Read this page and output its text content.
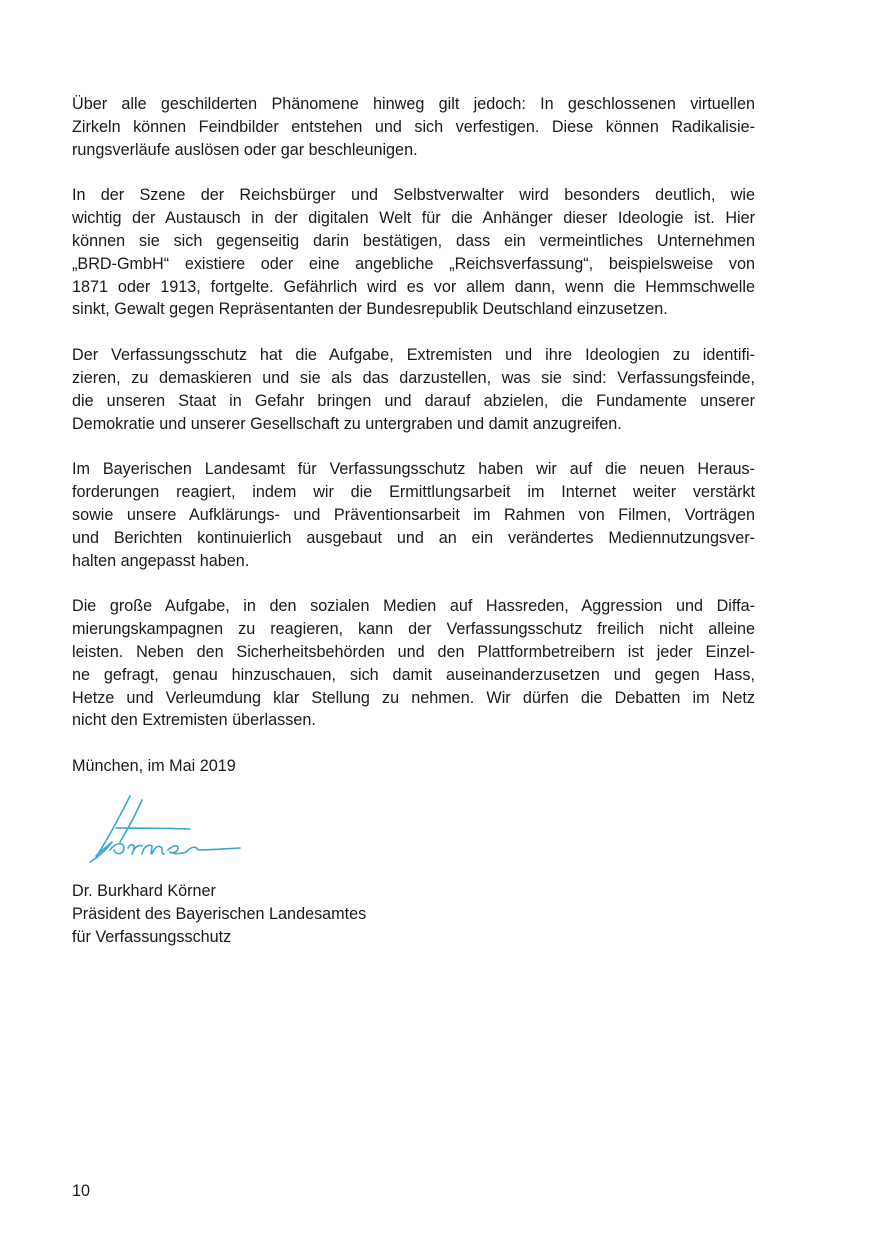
Über alle geschilderten Phänomene hinweg gilt jedoch: In geschlossenen virtuellen
Zirkeln können Feindbilder entstehen und sich verfestigen. Diese können Radikalisie-
rungsverläufe auslösen oder gar beschleunigen.

In der Szene der Reichsbürger und Selbstverwalter wird besonders deutlich, wie
wichtig der Austausch in der digitalen Welt für die Anhänger dieser Ideologie ist. Hier
können sie sich gegenseitig darin bestätigen, dass ein vermeintliches Unternehmen
„BRD-GmbH“ existiere oder eine angebliche „Reichsverfassung“, beispielsweise von
1871 oder 1913, fortgelte. Gefährlich wird es vor allem dann, wenn die Hemmschwelle
sinkt, Gewalt gegen Repräsentanten der Bundesrepublik Deutschland einzusetzen.

Der Verfassungsschutz hat die Aufgabe, Extremisten und ihre Ideologien zu identifi-
zieren, zu demaskieren und sie als das darzustellen, was sie sind: Verfassungsfeinde,
die unseren Staat in Gefahr bringen und darauf abzielen, die Fundamente unserer
Demokratie und unserer Gesellschaft zu untergraben und damit anzugreifen.

Im Bayerischen Landesamt für Verfassungsschutz haben wir auf die neuen Heraus-
forderungen reagiert, indem wir die Ermittlungsarbeit im Internet weiter verstärkt
sowie unsere Aufklärungs- und Präventionsarbeit im Rahmen von Filmen, Vorträgen
und Berichten kontinuierlich ausgebaut und an ein verändertes Mediennutzungsver-
halten angepasst haben.

Die große Aufgabe, in den sozialen Medien auf Hassreden, Aggression und Diffa-
mierungskampagnen zu reagieren, kann der Verfassungsschutz freilich nicht alleine
leisten. Neben den Sicherheitsbehörden und den Plattformbetreibern ist jeder Einzel-
ne gefragt, genau hinzuschauen, sich damit auseinanderzusetzen und gegen Hass,
Hetze und Verleumdung klar Stellung zu nehmen. Wir dürfen die Debatten im Netz
nicht den Extremisten überlassen.

München, im Mai 2019

Dr. Burkhard Körner
Präsident des Bayerischen Landesamtes
für Verfassungsschutz
10
